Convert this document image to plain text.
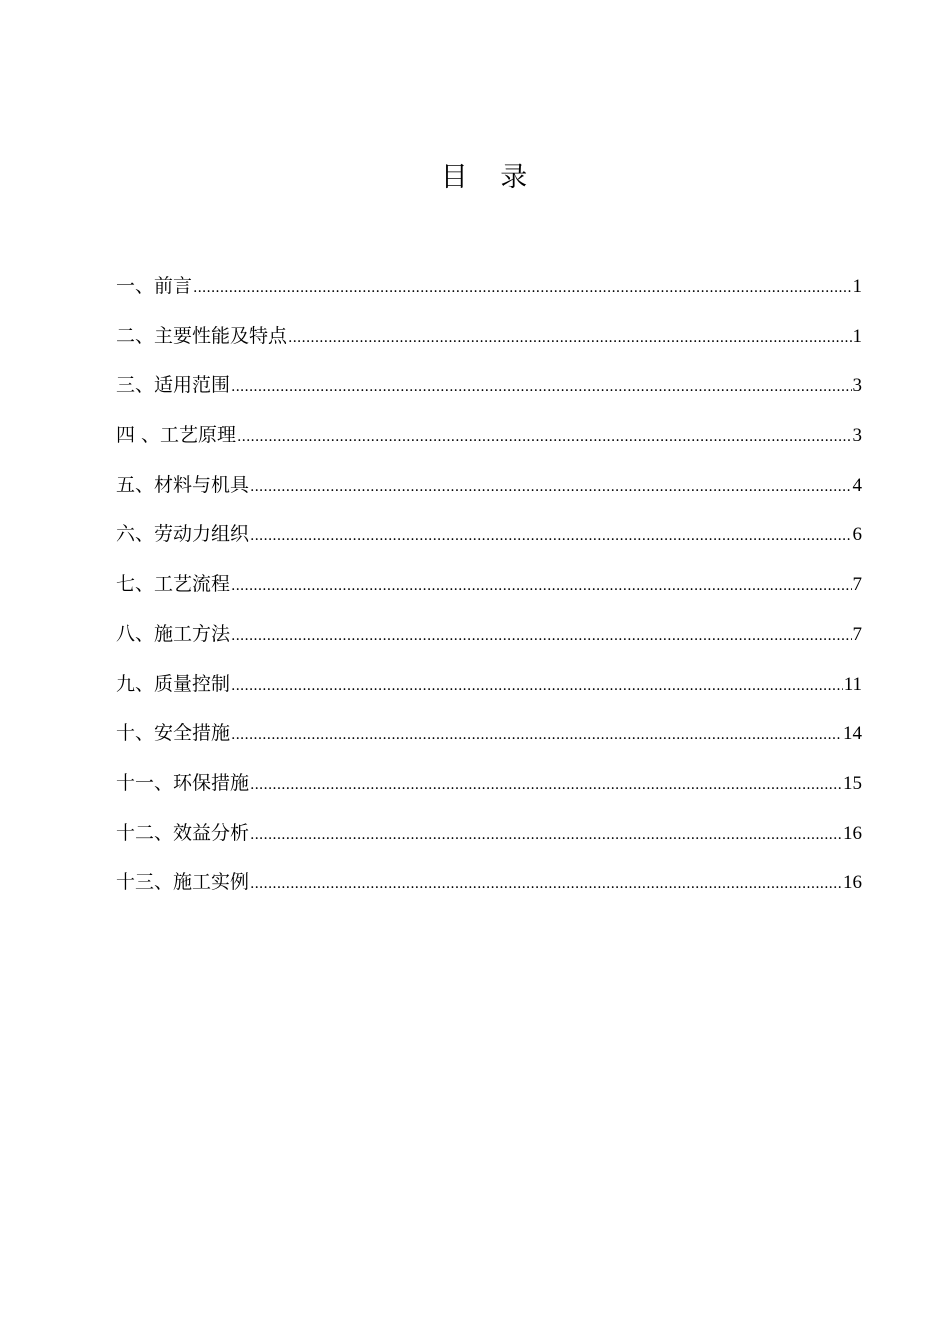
目 录
一、前言 .....	1
二、主要性能及特点 .....	1
三、适用范围 .....	3
四 、工艺原理 .....	3
五、材料与机具 .....	4
六、劳动力组织 .....	6
七、工艺流程 .....	7
八、施工方法 .....	7
九、质量控制 .....	11
十、安全措施 .....	14
十一、环保措施 .....	15
十二、效益分析 .....	16
十三、施工实例 .....	16
